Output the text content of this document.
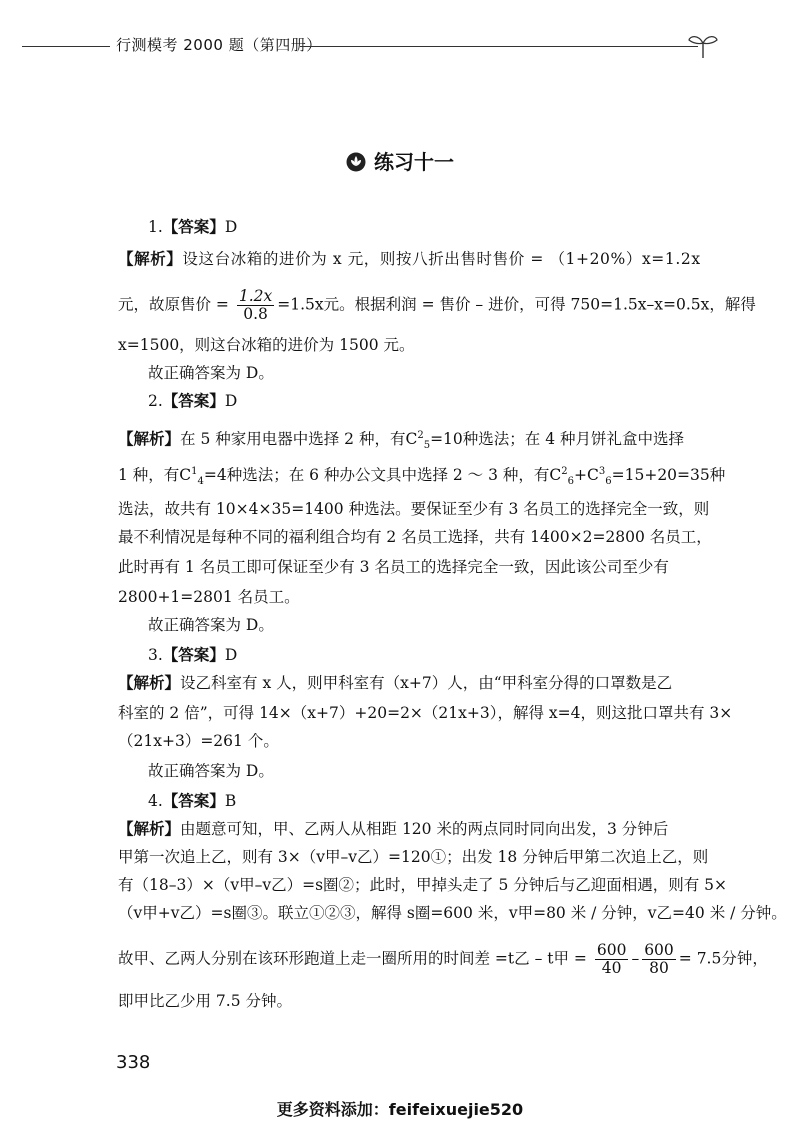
行测模考 2000 题（第四册）
练习十一
1.【答案】D
【解析】设这台冰箱的进价为 x 元，则按八折出售时售价 = （1+20%）x=1.2x
元，故原售价 = $\frac{1.2x}{0.8} =1.5x$元。根据利润 = 售价 – 进价，可得 750=1.5x–x=0.5x，解得
x=1500，则这台冰箱的进价为 1500 元。
故正确答案为 D。
2.【答案】D
【解析】在 5 种家用电器中选择 2 种，有$C^2_5=10$种选法；在 4 种月饼礼盒中选择
1 种，有$C^1_4=4$种选法；在 6 种办公文具中选择 2 ～ 3 种，有$C^2_6+C^3_6=15+20=35$种
选法，故共有 10×4×35=1400 种选法。要保证至少有 3 名员工的选择完全一致，则
最不利情况是每种不同的福利组合均有 2 名员工选择，共有 1400×2=2800 名员工，
此时再有 1 名员工即可保证至少有 3 名员工的选择完全一致，因此该公司至少有
2800+1=2801 名员工。
故正确答案为 D。
3.【答案】D
【解析】设乙科室有 x 人，则甲科室有（x+7）人，由“甲科室分得的口罩数是乙
科室的 2 倍”，可得 14×（x+7）+20=2×（21x+3），解得 x=4，则这批口罩共有 3×
（21x+3）=261 个。
故正确答案为 D。
4.【答案】B
【解析】由题意可知，甲、乙两人从相距 120 米的两点同时同向出发，3 分钟后
甲第一次追上乙，则有 3×（v甲–v乙）=120①；出发 18 分钟后甲第二次追上乙，则
有（18–3）×（v甲–v乙）=s圈②；此时，甲掉头走了 5 分钟后与乙迎面相遇，则有 5×
（v甲+v乙）=s圈③。联立①②③，解得 s圈=600 米，v甲=80 米 / 分钟，v乙=40 米 / 分钟。
故甲、乙两人分别在该环形跑道上走一圈所用的时间差 =t乙 – t甲 = $\frac{600}{40} - \frac{600}{80} = 7.5$分钟，
即甲比乙少用 7.5 分钟。
338
更多资料添加：feifeixuejie520
